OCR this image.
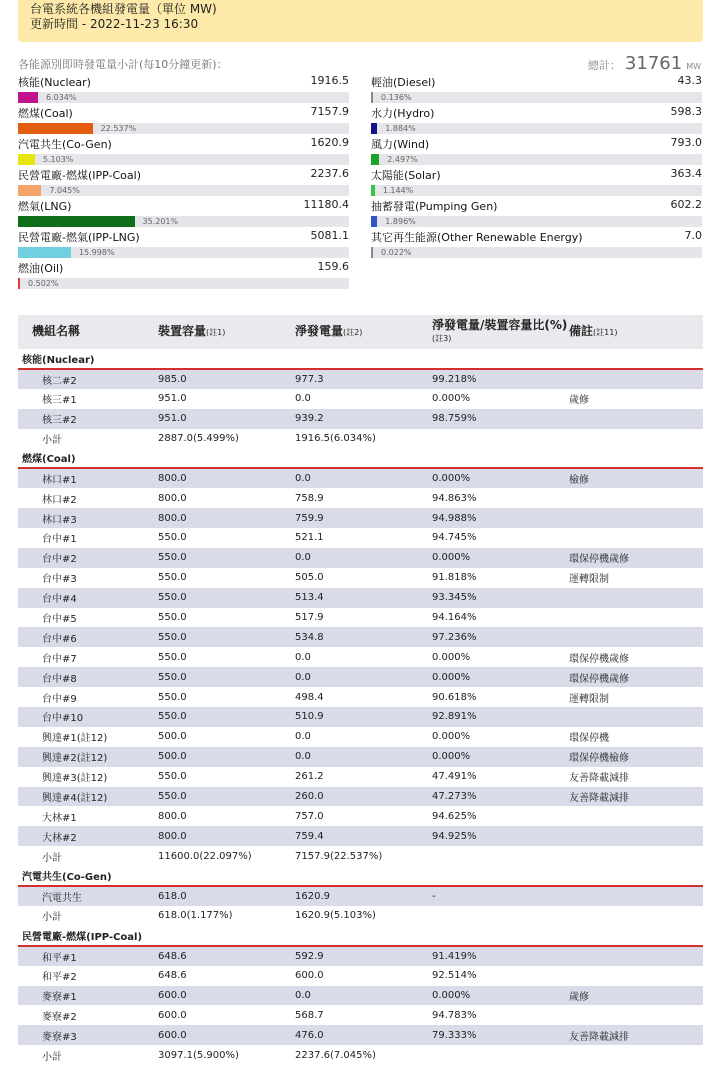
台電系統各機組發電量（單位 MW)
更新時間 - 2022-11-23 16:30
各能源別即時發電量小計(每10分鐘更新)：	總計： 31761 MW
核能(Nuclear)	1916.5
6.034%
燃煤(Coal)	7157.9
22.537%
汽電共生(Co-Gen)	1620.9
5.103%
民營電廠-燃煤(IPP-Coal)	2237.6
7.045%
燃氣(LNG)	11180.4
35.201%
民營電廠-燃氣(IPP-LNG)	5081.1
15.998%
燃油(Oil)	159.6
0.502%
輕油(Diesel)	43.3
0.136%
水力(Hydro)	598.3
1.884%
風力(Wind)	793.0
2.497%
太陽能(Solar)	363.4
1.144%
抽蓄發電(Pumping Gen)	602.2
1.896%
其它再生能源(Other Renewable Energy)	7.0
0.022%
機組名稱	裝置容量(註1)	淨發電量(註2)	淨發電量/裝置容量比(%)(註3)	備註(註11)
核能(Nuclear)				
核二#2	985.0	977.3	99.218%	
核三#1	951.0	0.0	0.000%	歲修
核三#2	951.0	939.2	98.759%	
小計	2887.0(5.499%)	1916.5(6.034%)		
燃煤(Coal)				
林口#1	800.0	0.0	0.000%	檢修
林口#2	800.0	758.9	94.863%	
林口#3	800.0	759.9	94.988%	
台中#1	550.0	521.1	94.745%	
台中#2	550.0	0.0	0.000%	環保停機歲修
台中#3	550.0	505.0	91.818%	運轉限制
台中#4	550.0	513.4	93.345%	
台中#5	550.0	517.9	94.164%	
台中#6	550.0	534.8	97.236%	
台中#7	550.0	0.0	0.000%	環保停機歲修
台中#8	550.0	0.0	0.000%	環保停機歲修
台中#9	550.0	498.4	90.618%	運轉限制
台中#10	550.0	510.9	92.891%	
興達#1(註12)	500.0	0.0	0.000%	環保停機
興達#2(註12)	500.0	0.0	0.000%	環保停機檢修
興達#3(註12)	550.0	261.2	47.491%	友善降載減排
興達#4(註12)	550.0	260.0	47.273%	友善降載減排
大林#1	800.0	757.0	94.625%	
大林#2	800.0	759.4	94.925%	
小計	11600.0(22.097%)	7157.9(22.537%)		
汽電共生(Co-Gen)				
汽電共生	618.0	1620.9	-	
小計	618.0(1.177%)	1620.9(5.103%)		
民營電廠-燃煤(IPP-Coal)				
和平#1	648.6	592.9	91.419%	
和平#2	648.6	600.0	92.514%	
麥寮#1	600.0	0.0	0.000%	歲修
麥寮#2	600.0	568.7	94.783%	
麥寮#3	600.0	476.0	79.333%	友善降載減排
小計	3097.1(5.900%)	2237.6(7.045%)		
